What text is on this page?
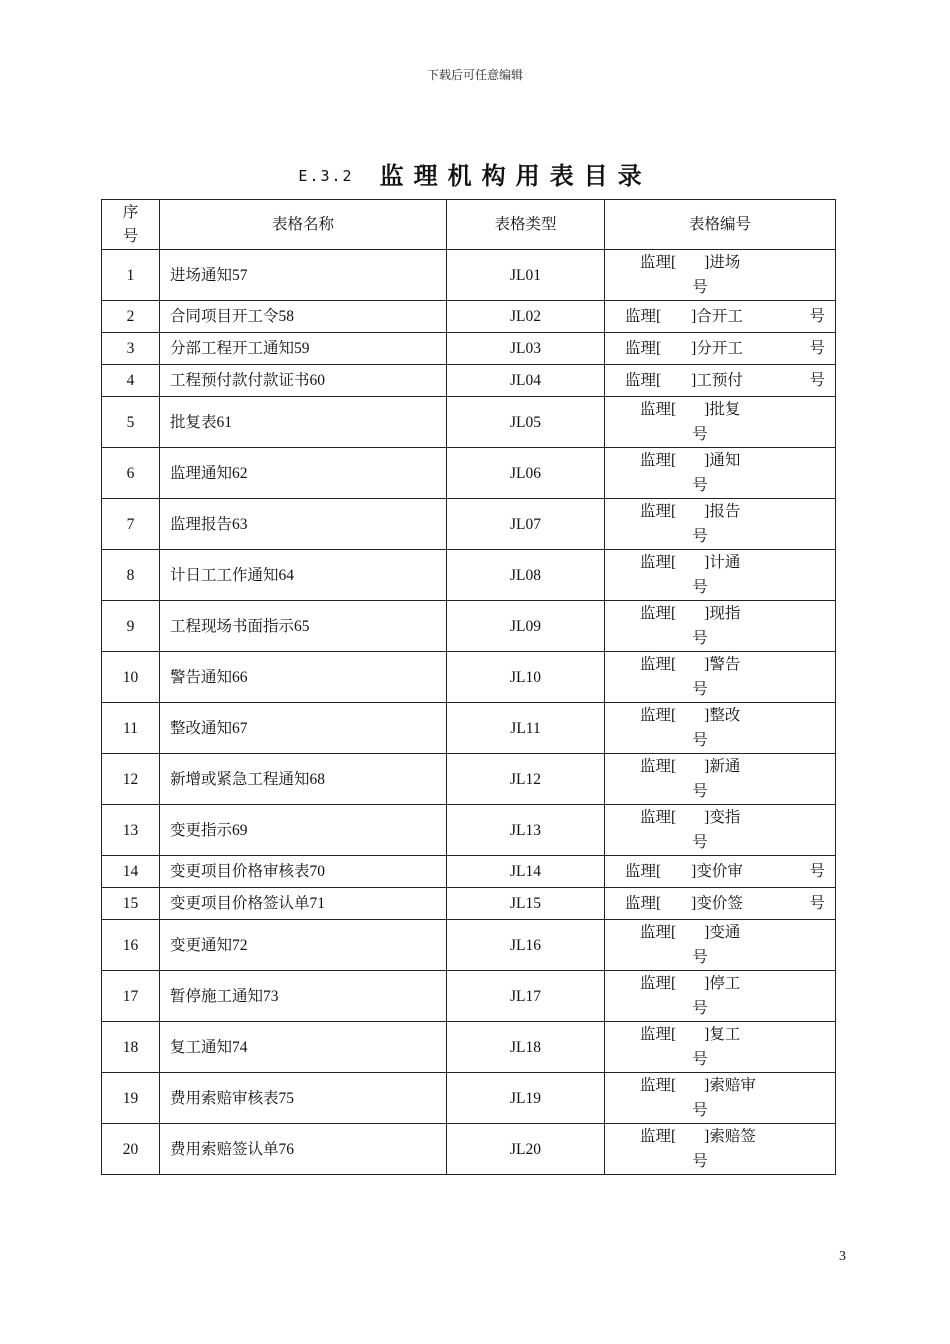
下载后可任意编辑
E.3.2 监理机构用表目录
序号	表格名称	表格类型	表格编号
1	进场通知57	JL01	监理[ ]进场
号

2	合同项目开工令58	JL02	监理[ ]合开工 号

3	分部工程开工通知59	JL03	监理[ ]分开工 号

4	工程预付款付款证书60	JL04	监理[ ]工预付 号

5	批复表61	JL05	监理[ ]批复
号

6	监理通知62	JL06	监理[ ]通知
号

7	监理报告63	JL07	监理[ ]报告
号

8	计日工工作通知64	JL08	监理[ ]计通
号

9	工程现场书面指示65	JL09	监理[ ]现指
号

10	警告通知66	JL10	监理[ ]警告
号

11	整改通知67	JL11	监理[ ]整改
号

12	新增或紧急工程通知68	JL12	监理[ ]新通
号

13	变更指示69	JL13	监理[ ]变指
号

14	变更项目价格审核表70	JL14	监理[ ]变价审 号

15	变更项目价格签认单71	JL15	监理[ ]变价签 号

16	变更通知72	JL16	监理[ ]变通
号

17	暂停施工通知73	JL17	监理[ ]停工
号

18	复工通知74	JL18	监理[ ]复工
号

19	费用索赔审核表75	JL19	监理[ ]索赔审
号

20	费用索赔签认单76	JL20	监理[ ]索赔签
号
3
